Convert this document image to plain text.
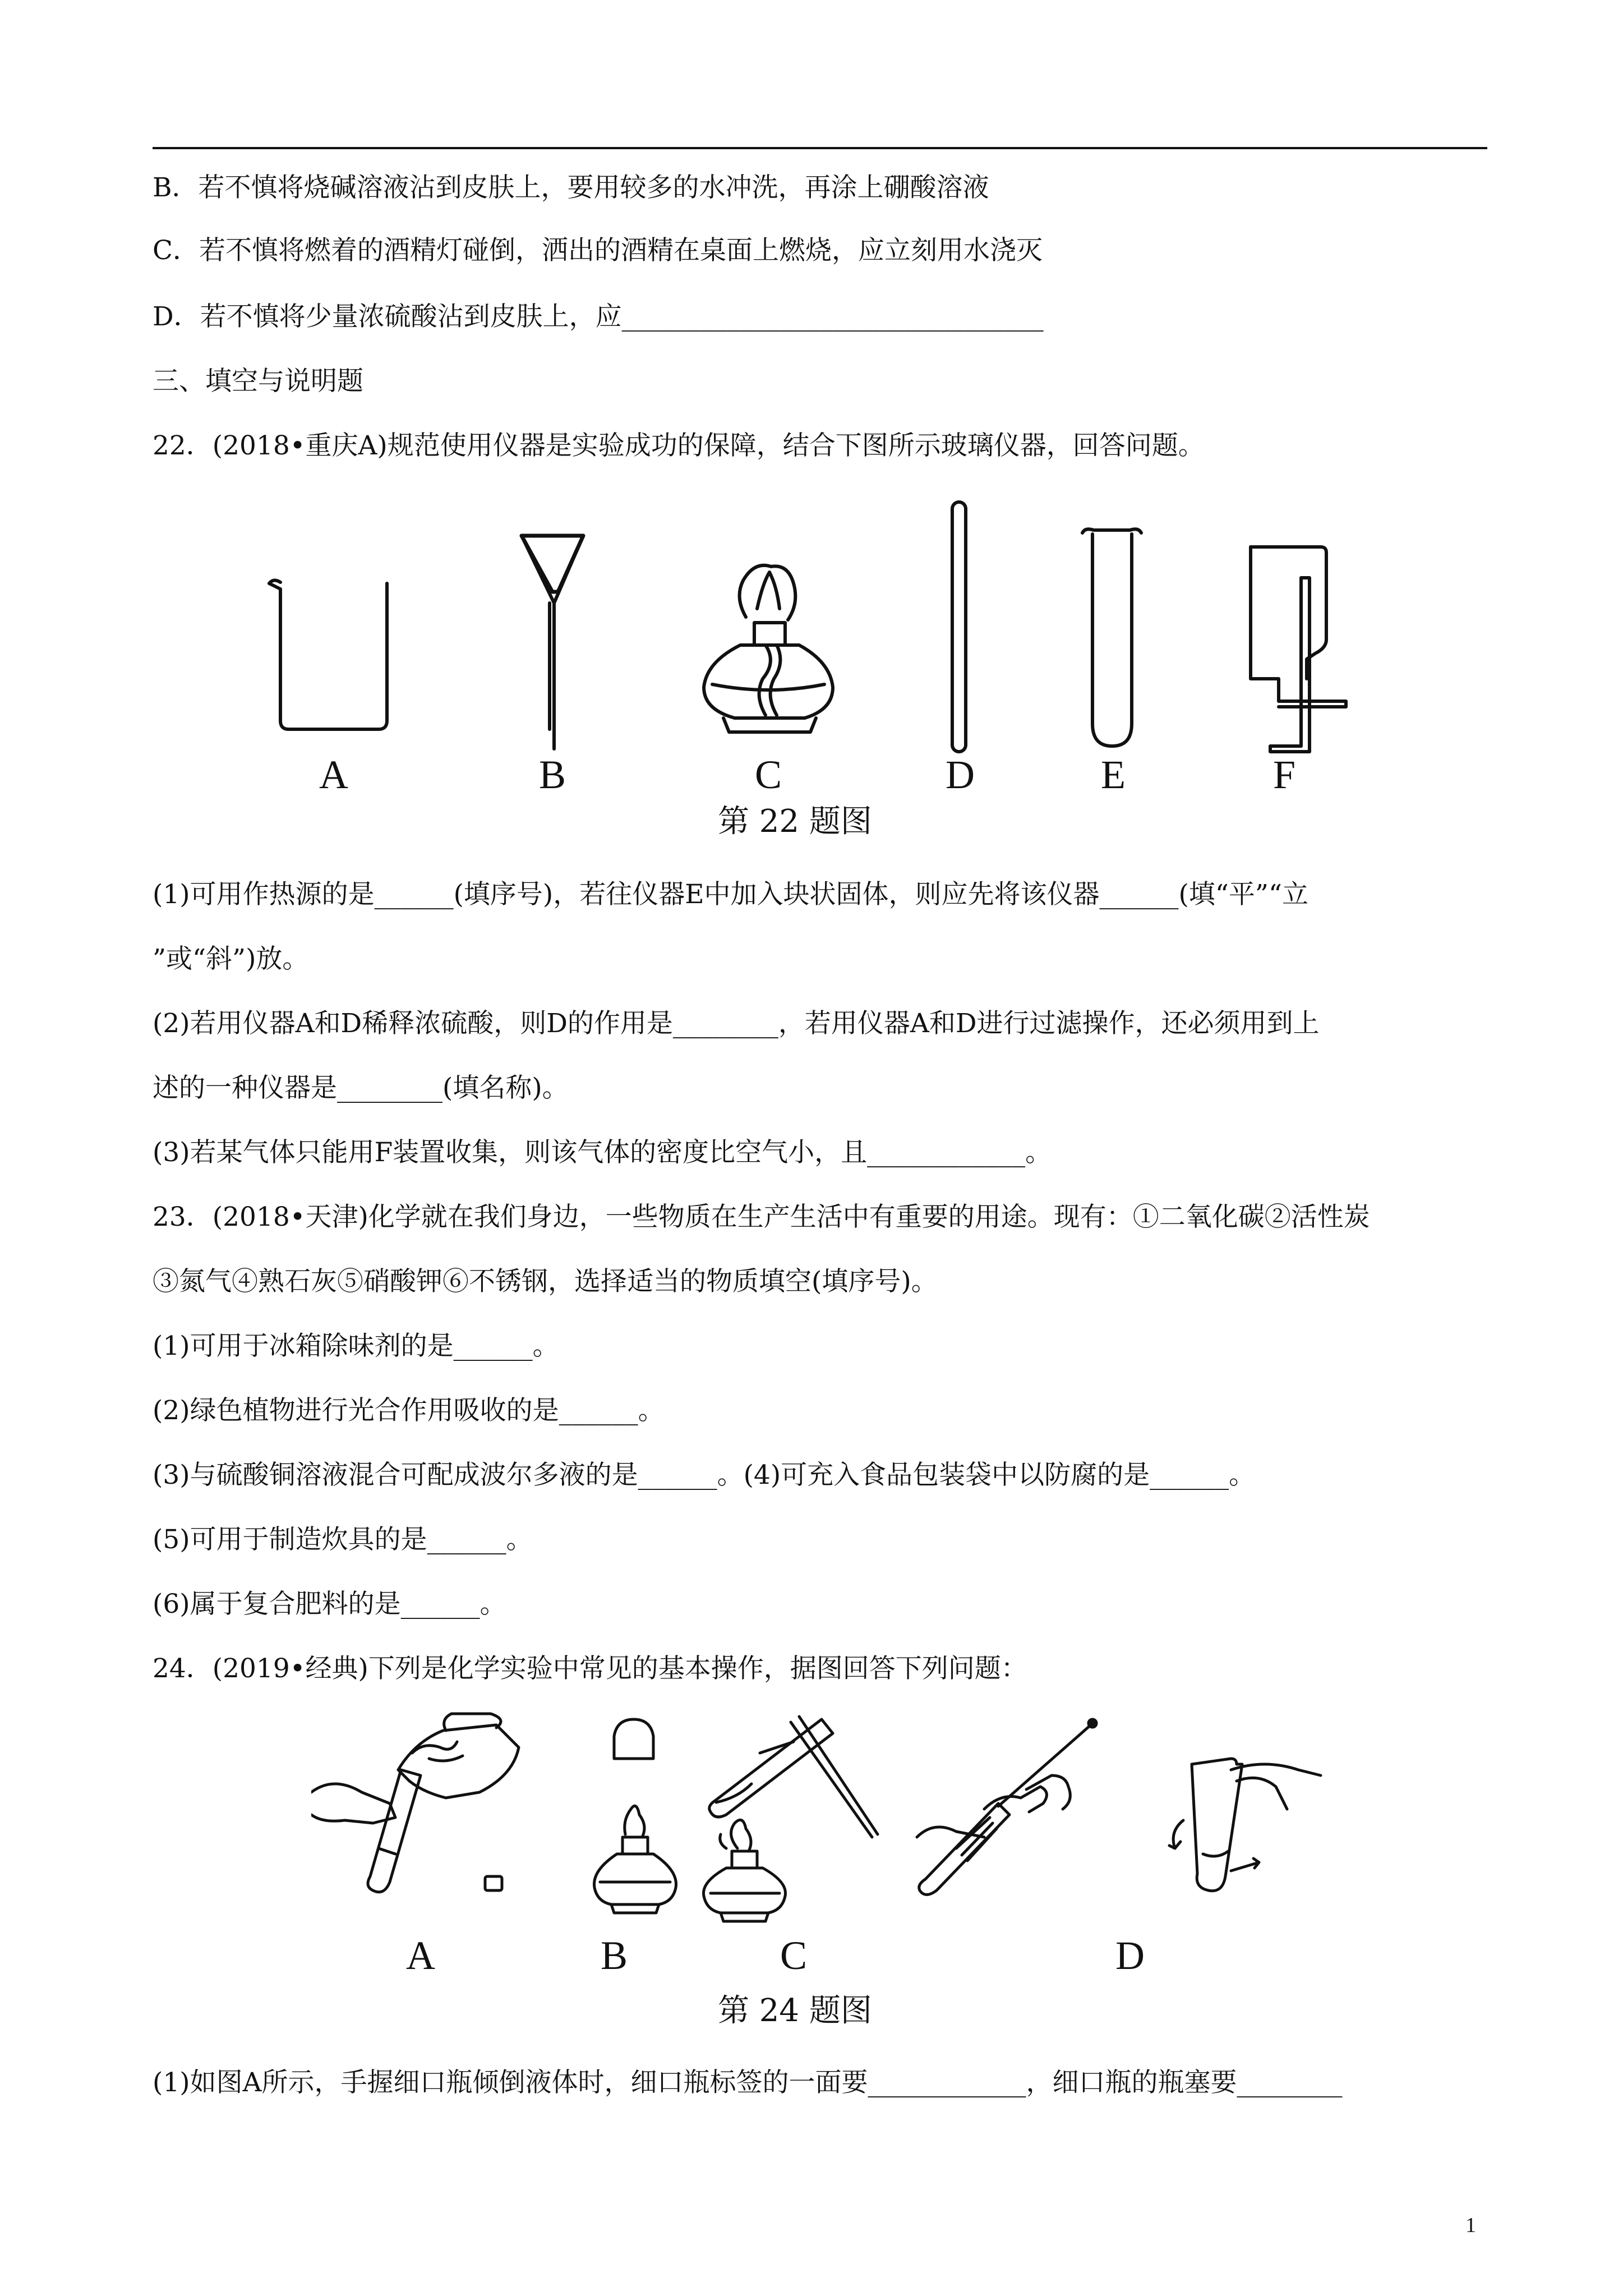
B．若不慎将烧碱溶液沾到皮肤上，要用较多的水冲洗，再涂上硼酸溶液
C．若不慎将燃着的酒精灯碰倒，洒出的酒精在桌面上燃烧，应立刻用水浇灭
D．若不慎将少量浓硫酸沾到皮肤上，应________________________________
三、填空与说明题
22．(2018•重庆A)规范使用仪器是实验成功的保障，结合下图所示玻璃仪器，回答问题。
A	B	C	D	E	F
第 22 题图
(1)可用作热源的是______(填序号)，若往仪器E中加入块状固体，则应先将该仪器______(填“平”“立
”或“斜”)放。
(2)若用仪器A和D稀释浓硫酸，则D的作用是________，若用仪器A和D进行过滤操作，还必须用到上
述的一种仪器是________(填名称)。
(3)若某气体只能用F装置收集，则该气体的密度比空气小，且____________。
23．(2018•天津)化学就在我们身边，一些物质在生产生活中有重要的用途。现有：①二氧化碳②活性炭
③氮气④熟石灰⑤硝酸钾⑥不锈钢，选择适当的物质填空(填序号)。
(1)可用于冰箱除味剂的是______。
(2)绿色植物进行光合作用吸收的是______。
(3)与硫酸铜溶液混合可配成波尔多液的是______。(4)可充入食品包装袋中以防腐的是______。
(5)可用于制造炊具的是______。
(6)属于复合肥料的是______。
24．(2019•经典)下列是化学实验中常见的基本操作，据图回答下列问题：
A	B	C	D
第 24 题图
(1)如图A所示，手握细口瓶倾倒液体时，细口瓶标签的一面要____________，细口瓶的瓶塞要________
1
